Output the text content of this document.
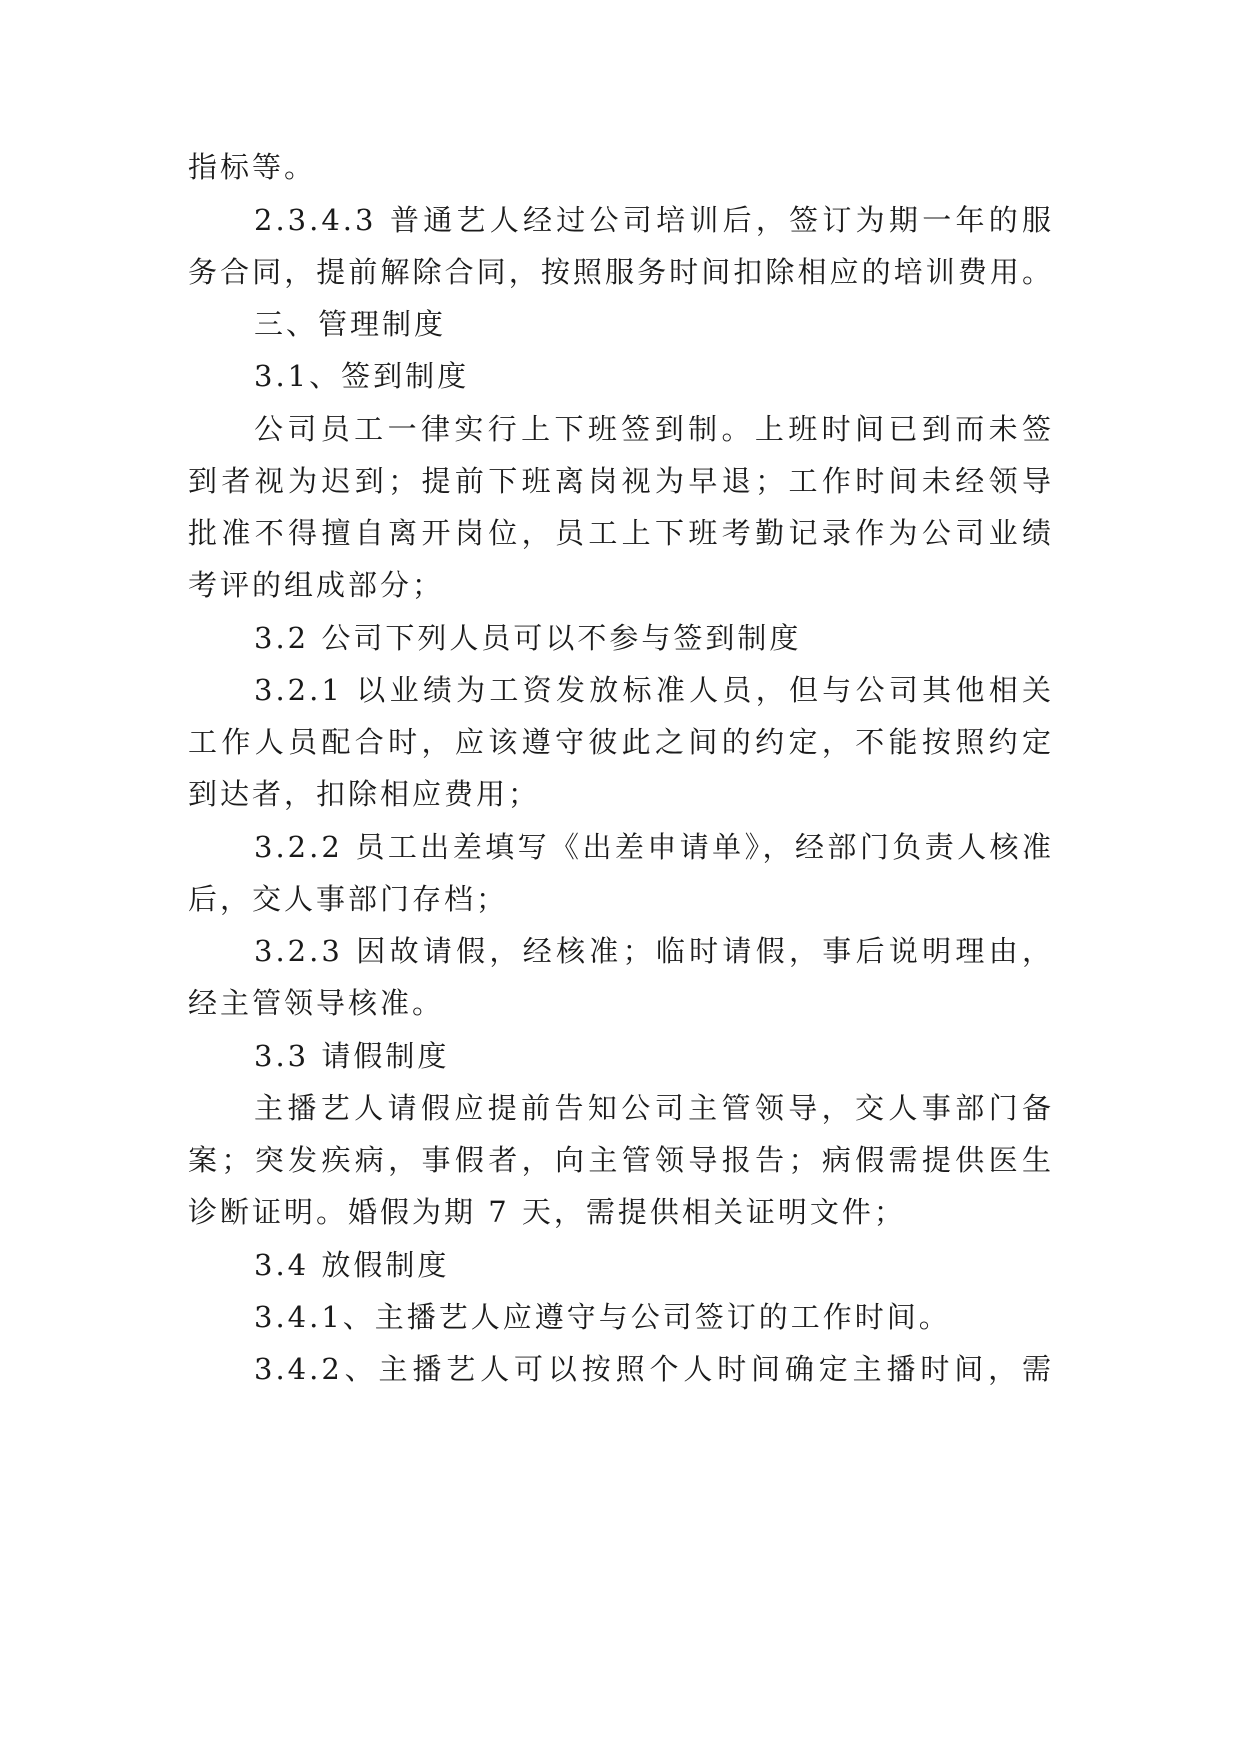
指标等。
2.3.4.3 普通艺人经过公司培训后，签订为期一年的服
务合同，提前解除合同，按照服务时间扣除相应的培训费用。
三、管理制度
3.1、签到制度
公司员工一律实行上下班签到制。上班时间已到而未签
到者视为迟到；提前下班离岗视为早退；工作时间未经领导
批准不得擅自离开岗位，员工上下班考勤记录作为公司业绩
考评的组成部分；
3.2 公司下列人员可以不参与签到制度
3.2.1 以业绩为工资发放标准人员，但与公司其他相关
工作人员配合时，应该遵守彼此之间的约定，不能按照约定
到达者，扣除相应费用；
3.2.2 员工出差填写《出差申请单》，经部门负责人核准
后，交人事部门存档；
3.2.3 因故请假，经核准；临时请假，事后说明理由，
经主管领导核准。
3.3 请假制度
主播艺人请假应提前告知公司主管领导，交人事部门备
案；突发疾病，事假者，向主管领导报告；病假需提供医生
诊断证明。婚假为期 7 天，需提供相关证明文件；
3.4 放假制度
3.4.1、主播艺人应遵守与公司签订的工作时间。
3.4.2、主播艺人可以按照个人时间确定主播时间，需
